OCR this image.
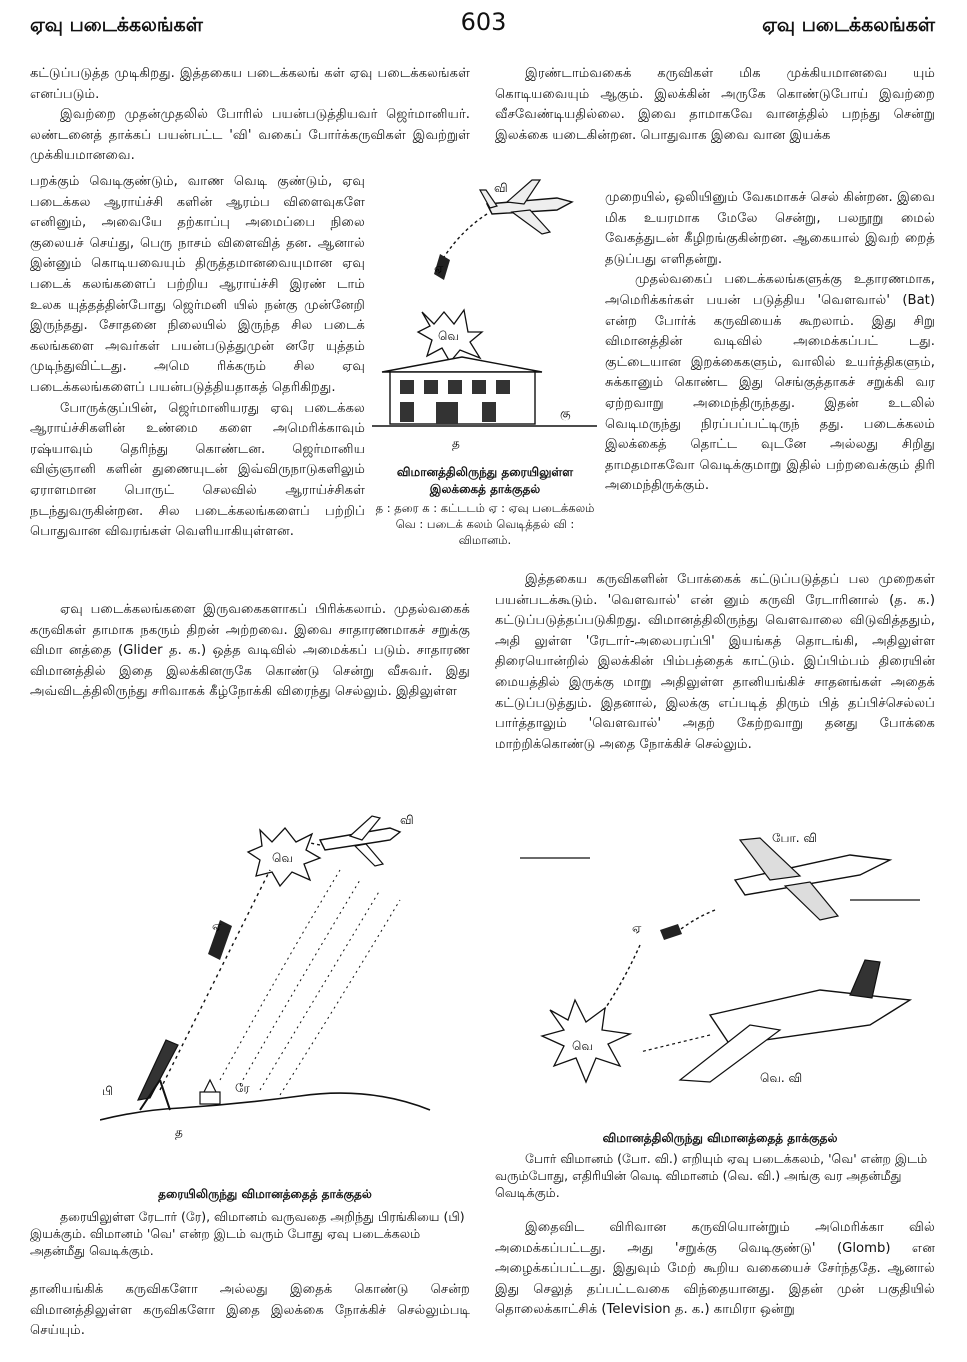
ஏவு படைக்கலங்கள்	603	ஏவு படைக்கலங்கள்

கட்டுப்படுத்த முடிகிறது. இத்தகைய படைக்கலங் கள் ஏவு படைக்கலங்கள் எனப்படும்.

இவற்றை முதன்முதலில் போரில் பயன்படுத்தியவர் ஜெர்மானியர். லண்டனைத் தாக்கப் பயன்பட்ட 'வி' வகைப் போர்க்கருவிகள் இவற்றுள் முக்கியமானவை.

பறக்கும் வெடிகுண்டும், வாண வெடி குண்டும், ஏவு படைக்கல ஆராய்ச்சி களின் ஆரம்ப விளைவுகளே எனினும், அவையே தற்காப்பு அமைப்பை நிலை குலையச் செய்து, பெரு நாசம் விளைவித் தன. ஆனால் இன்னும் கொடியவையும் திருத்தமானவையுமான ஏவு படைக் கலங்களைப் பற்றிய ஆராய்ச்சி இரண் டாம் உலக யுத்தத்தின்போது ஜெர்மனி யில் நன்கு முன்னேறி இருந்தது. சோதனை நிலையில் இருந்த சில படைக் கலங்களை அவர்கள் பயன்படுத்துமுன் னரே யுத்தம் முடிந்துவிட்டது. அமெ ரிக்கரும் சில ஏவு படைக்கலங்களைப் பயன்படுத்தியதாகத் தெரிகிறது.

போருக்குப்பின், ஜெர்மானியரது ஏவு படைக்கல ஆராய்ச்சிகளின் உண்மை களை அமெரிக்காவும் ரஷ்யாவும் தெரிந்து கொண்டன. ஜெர்மானிய விஞ்ஞானி களின் துணையுடன் இவ்விருநாடுகளிலும் ஏராளமான பொருட் செலவில் ஆராய்ச்சிகள் நடந்துவருகின்றன. சில படைக்கலங்களைப் பற்றிப் பொதுவான விவரங்கள் வெளியாகியுள்ளன.

ஏவு படைக்கலங்களை இருவகைகளாகப் பிரிக்கலாம். முதல்வகைக் கருவிகள் தாமாக நகரும் திறன் அற்றவை. இவை சாதாரணமாகச் சறுக்கு விமா னத்தை (Glider த. க.) ஒத்த வடிவில் அமைக்கப் படும். சாதாரண விமானத்தில் இதை இலக்கினருகே கொண்டு சென்று வீசுவர். இது அவ்விடத்திலிருந்து சரிவாகக் கீழ்நோக்கி விரைந்து செல்லும். இதிலுள்ள

வி
ஏ
வெ
கு
த
விமானத்திலிருந்து தரையிலுள்ள இலக்கைத் தாக்குதல்
த : தரை க : கட்டடம் ஏ : ஏவு படைக்கலம் வெ : படைக் கலம் வெடித்தல் வி : விமானம்.

இரண்டாம்வகைக் கருவிகள் மிக முக்கியமானவை யும் கொடியவையும் ஆகும். இலக்கின் அருகே கொண்டுபோய் இவற்றை வீசவேண்டியதில்லை. இவை தாமாகவே வானத்தில் பறந்து சென்று இலக்கை யடைகின்றன. பொதுவாக இவை வான இயக்க

முறையில், ஒலியினும் வேகமாகச் செல் கின்றன. இவை மிக உயரமாக மேலே சென்று, பலநூறு மைல் வேகத்துடன் கீழிறங்குகின்றன. ஆகையால் இவற் றைத் தடுப்பது எளிதன்று.

முதல்வகைப் படைக்கலங்களுக்கு உதாரணமாக, அமெரிக்கர்கள் பயன் படுத்திய 'வௌவால்' (Bat) என்ற போர்க் கருவியைக் கூறலாம். இது சிறு விமானத்தின் வடிவில் அமைக்கப்பட் டது. குட்டையான இறக்கைகளும், வாலில் உயர்த்திகளும், சுக்கானும் கொண்ட இது செங்குத்தாகச் சறுக்கி வர ஏற்றவாறு அமைந்திருந்தது. இதன் உடலில் வெடிமருந்து நிரப்பப்பட்டிருந் தது. படைக்கலம் இலக்கைத் தொட்ட வுடனே அல்லது சிறிது தாமதமாகவோ வெடிக்குமாறு இதில் பற்றவைக்கும் திரி அமைந்திருக்கும்.

இத்தகைய கருவிகளின் போக்கைக் கட்டுப்படுத்தப் பல முறைகள் பயன்படக்கூடும். 'வௌவால்' என் னும் கருவி ரேடாரினால் (த. க.) கட்டுப்படுத்தப்படுகிறது. விமானத்திலிருந்து வௌவாலை விடுவித்ததும், அதி லுள்ள 'ரேடார்-அலைபரப்பி' இயங்கத் தொடங்கி, அதிலுள்ள திரையொன்றில் இலக்கின் பிம்பத்தைக் காட்டும். இப்பிம்பம் திரையின் மையத்தில் இருக்கு மாறு அதிலுள்ள தானியங்கிச் சாதனங்கள் அதைக் கட்டுப்படுத்தும். இதனால், இலக்கு எப்படித் திரும் பித் தப்பிச்செல்லப் பார்த்தாலும் 'வௌவால்' அதற் கேற்றவாறு தனது போக்கை மாற்றிக்கொண்டு அதை நோக்கிச் செல்லும்.

வி
வெ
ஏ
பி	ரே
த
தரையிலிருந்து விமானத்தைத் தாக்குதல்
தரையிலுள்ள ரேடார் (ரே), விமானம் வருவதை அறிந்து பிரங்கியை (பி) இயக்கும். விமானம் 'வெ' என்ற இடம் வரும் போது ஏவு படைக்கலம் அதன்மீது வெடிக்கும்.
போ. வி
ஏ
வெ
வெ. வி
விமானத்திலிருந்து விமானத்தைத் தாக்குதல்
போர் விமானம் (போ. வி.) எறியும் ஏவு படைக்கலம், 'வெ' என்ற இடம் வரும்போது, எதிரியின் வெடி விமானம் (வெ. வி.) அங்கு வர அதன்மீது வெடிக்கும்.

தானியங்கிக் கருவிகளோ அல்லது இதைக் கொண்டு சென்ற விமானத்திலுள்ள கருவிகளோ இதை இலக்கை நோக்கிச் செல்லும்படி செய்யும்.

இதைவிட விரிவான கருவியொன்றும் அமெரிக்கா வில் அமைக்கப்பட்டது. அது 'சறுக்கு வெடிகுண்டு' (Glomb) என அழைக்கப்பட்டது. இதுவும் மேற் கூறிய வகையைச் சேர்ந்ததே. ஆனால் இது செலுத் தப்பட்டவகை விந்தையானது. இதன் முன் பகுதியில் தொலைக்காட்சிக் (Television த. க.) காமிரா ஒன்று
